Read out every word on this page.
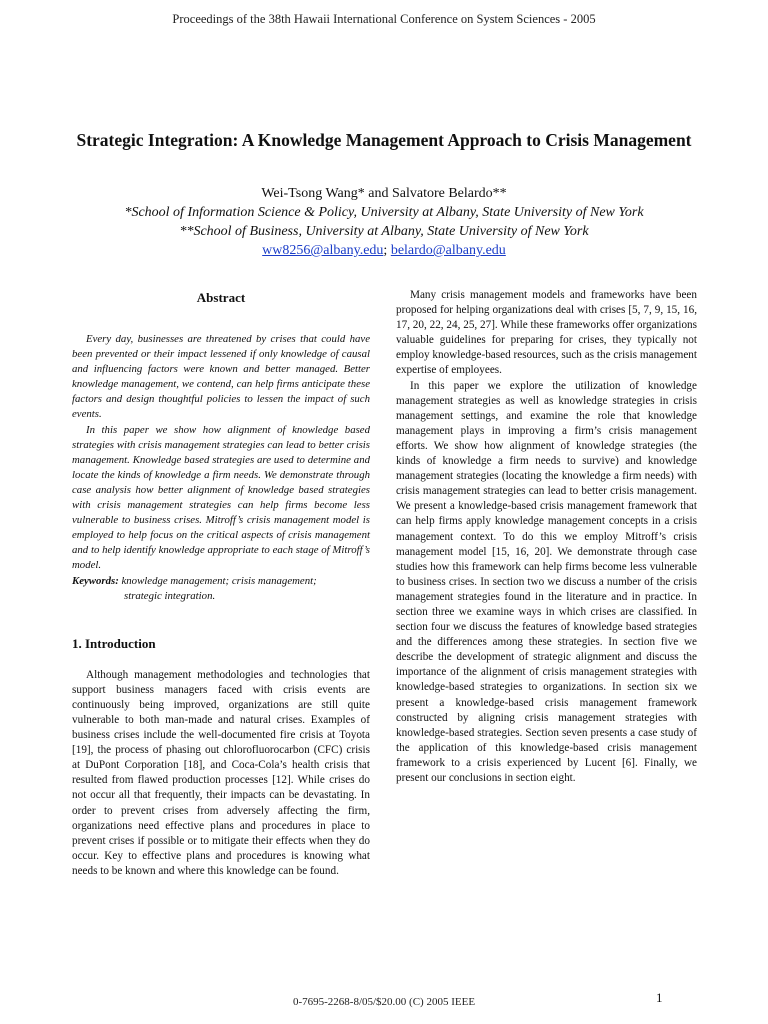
Proceedings of the 38th Hawaii International Conference on System Sciences - 2005
Strategic Integration: A Knowledge Management Approach to Crisis Management
Wei-Tsong Wang* and Salvatore Belardo**
*School of Information Science & Policy, University at Albany, State University of New York
**School of Business, University at Albany, State University of New York
ww8256@albany.edu; belardo@albany.edu
Abstract

Every day, businesses are threatened by crises that could have been prevented or their impact lessened if only knowledge of causal and influencing factors were known and better managed. Better knowledge management, we contend, can help firms anticipate these factors and design thoughtful policies to lessen the impact of such events.

In this paper we show how alignment of knowledge based strategies with crisis management strategies can lead to better crisis management. Knowledge based strategies are used to determine and locate the kinds of knowledge a firm needs. We demonstrate through case analysis how better alignment of knowledge based strategies with crisis management strategies can help firms become less vulnerable to business crises. Mitroff’s crisis management model is employed to help focus on the critical aspects of crisis management and to help identify knowledge appropriate to each stage of Mitroff’s model.

Keywords: knowledge management; crisis management;
strategic integration.

1. Introduction

Although management methodologies and technologies that support business managers faced with crisis events are continuously being improved, organizations are still quite vulnerable to both man-made and natural crises. Examples of business crises include the well-documented fire crisis at Toyota [19], the process of phasing out chlorofluorocarbon (CFC) crisis at DuPont Corporation [18], and Coca-Cola’s health crisis that resulted from flawed production processes [12]. While crises do not occur all that frequently, their impacts can be devastating. In order to prevent crises from adversely affecting the firm, organizations need effective plans and procedures in place to prevent crises if possible or to mitigate their effects when they do occur. Key to effective plans and procedures is knowing what needs to be known and where this knowledge can be found.

Many crisis management models and frameworks have been proposed for helping organizations deal with crises [5, 7, 9, 15, 16, 17, 20, 22, 24, 25, 27]. While these frameworks offer organizations valuable guidelines for preparing for crises, they typically not employ knowledge-based resources, such as the crisis management expertise of employees.

In this paper we explore the utilization of knowledge management strategies as well as knowledge strategies in crisis management settings, and examine the role that knowledge management plays in improving a firm’s crisis management efforts. We show how alignment of knowledge strategies (the kinds of knowledge a firm needs to survive) and knowledge management strategies (locating the knowledge a firm needs) with crisis management strategies can lead to better crisis management. We present a knowledge-based crisis management framework that can help firms apply knowledge management concepts in a crisis management context. To do this we employ Mitroff’s crisis management model [15, 16, 20]. We demonstrate through case studies how this framework can help firms become less vulnerable to business crises. In section two we discuss a number of the crisis management strategies found in the literature and in practice. In section three we examine ways in which crises are classified. In section four we discuss the features of knowledge based strategies and the differences among these strategies. In section five we describe the development of strategic alignment and discuss the importance of the alignment of crisis management strategies with knowledge-based strategies to organizations. In section six we present a knowledge-based crisis management framework constructed by aligning crisis management strategies with knowledge-based strategies. Section seven presents a case study of the application of this knowledge-based crisis management framework to a crisis experienced by Lucent [6]. Finally, we present our conclusions in section eight.

0-7695-2268-8/05/$20.00 (C) 2005 IEEE	1
